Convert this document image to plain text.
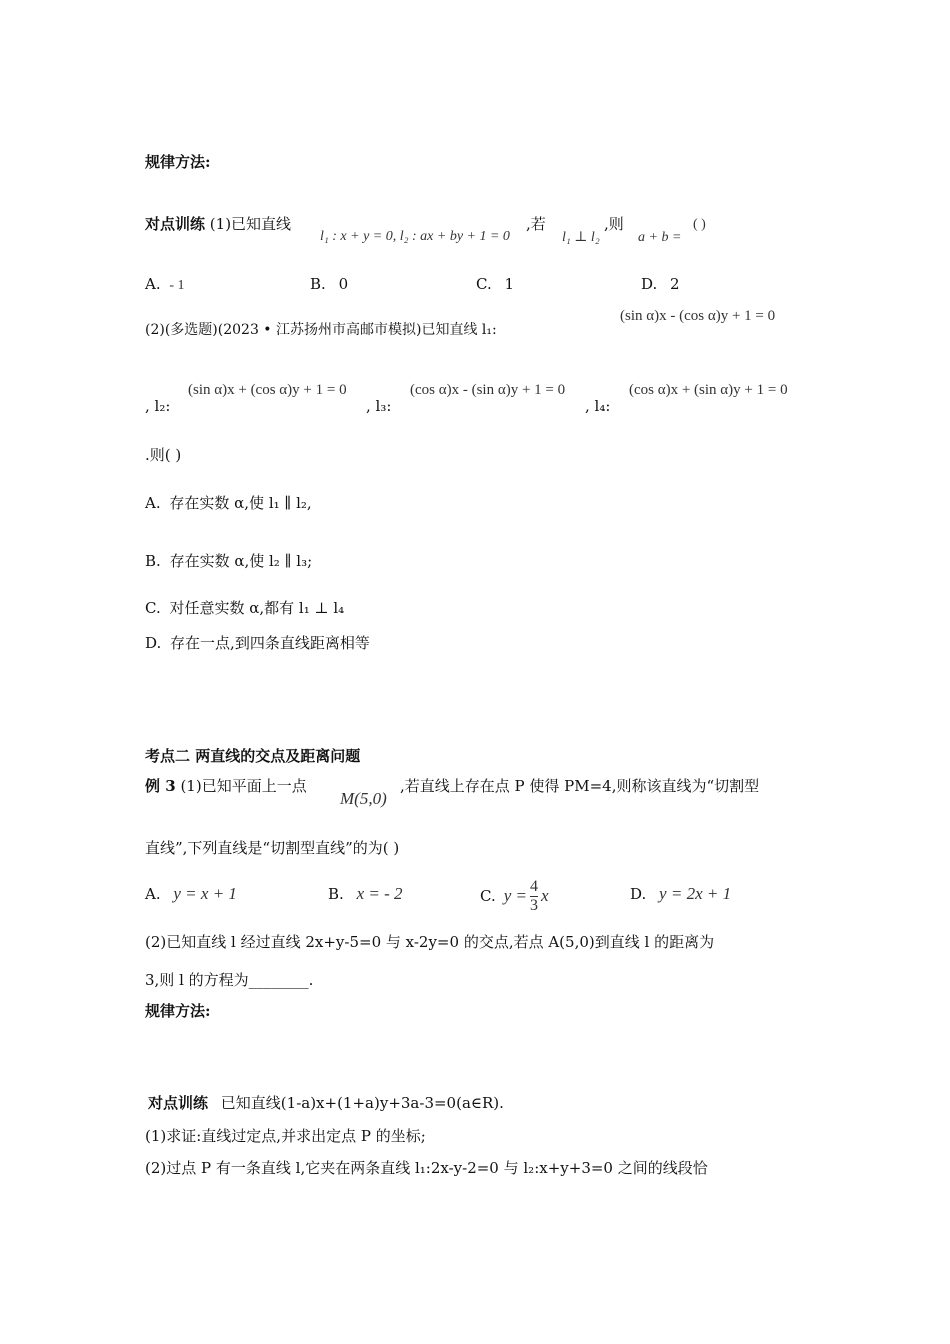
规律方法:
对点训练 (1)已知直线
l₁ : x + y = 0, l₂ : ax + by + 1 = 0
,若
l₁ ⊥ l₂
,则
a + b =
( )
A. - 1	B. 0	C. 1	D. 2
(sin α)x - (cos α)y + 1 = 0
(2)(多选题)(2023 • 江苏扬州市高邮市模拟)已知直线 l₁:
(sin α)x + (cos α)y + 1 = 0	(cos α)x - (sin α)y + 1 = 0	(cos α)x + (sin α)y + 1 = 0
, l₂:	, l₃:	, l₄:
.则( )
A. 存在实数 α,使 l₁ ∥ l₂,
B. 存在实数 α,使 l₂ ∥ l₃;
C. 对任意实数 α,都有 l₁ ⊥ l₄
D. 存在一点,到四条直线距离相等
考点二 两直线的交点及距离问题
例 3 (1)已知平面上一点
M(5,0)
,若直线上存在点 P 使得 PM=4,则称该直线为“切割型
直线”,下列直线是“切割型直线”的为( )
A. y = x + 1	B. x = - 2	C. $y = \frac{4}{3}$ x	D. y = 2x + 1
(2)已知直线 l 经过直线 2x+y-5=0 与 x-2y=0 的交点,若点 A(5,0)到直线 l 的距离为
3,则 l 的方程为________.
规律方法:
对点训练 已知直线(1-a)x+(1+a)y+3a-3=0(a∈R).
(1)求证:直线过定点,并求出定点 P 的坐标;
(2)过点 P 有一条直线 l,它夹在两条直线 l₁:2x-y-2=0 与 l₂:x+y+3=0 之间的线段恰
